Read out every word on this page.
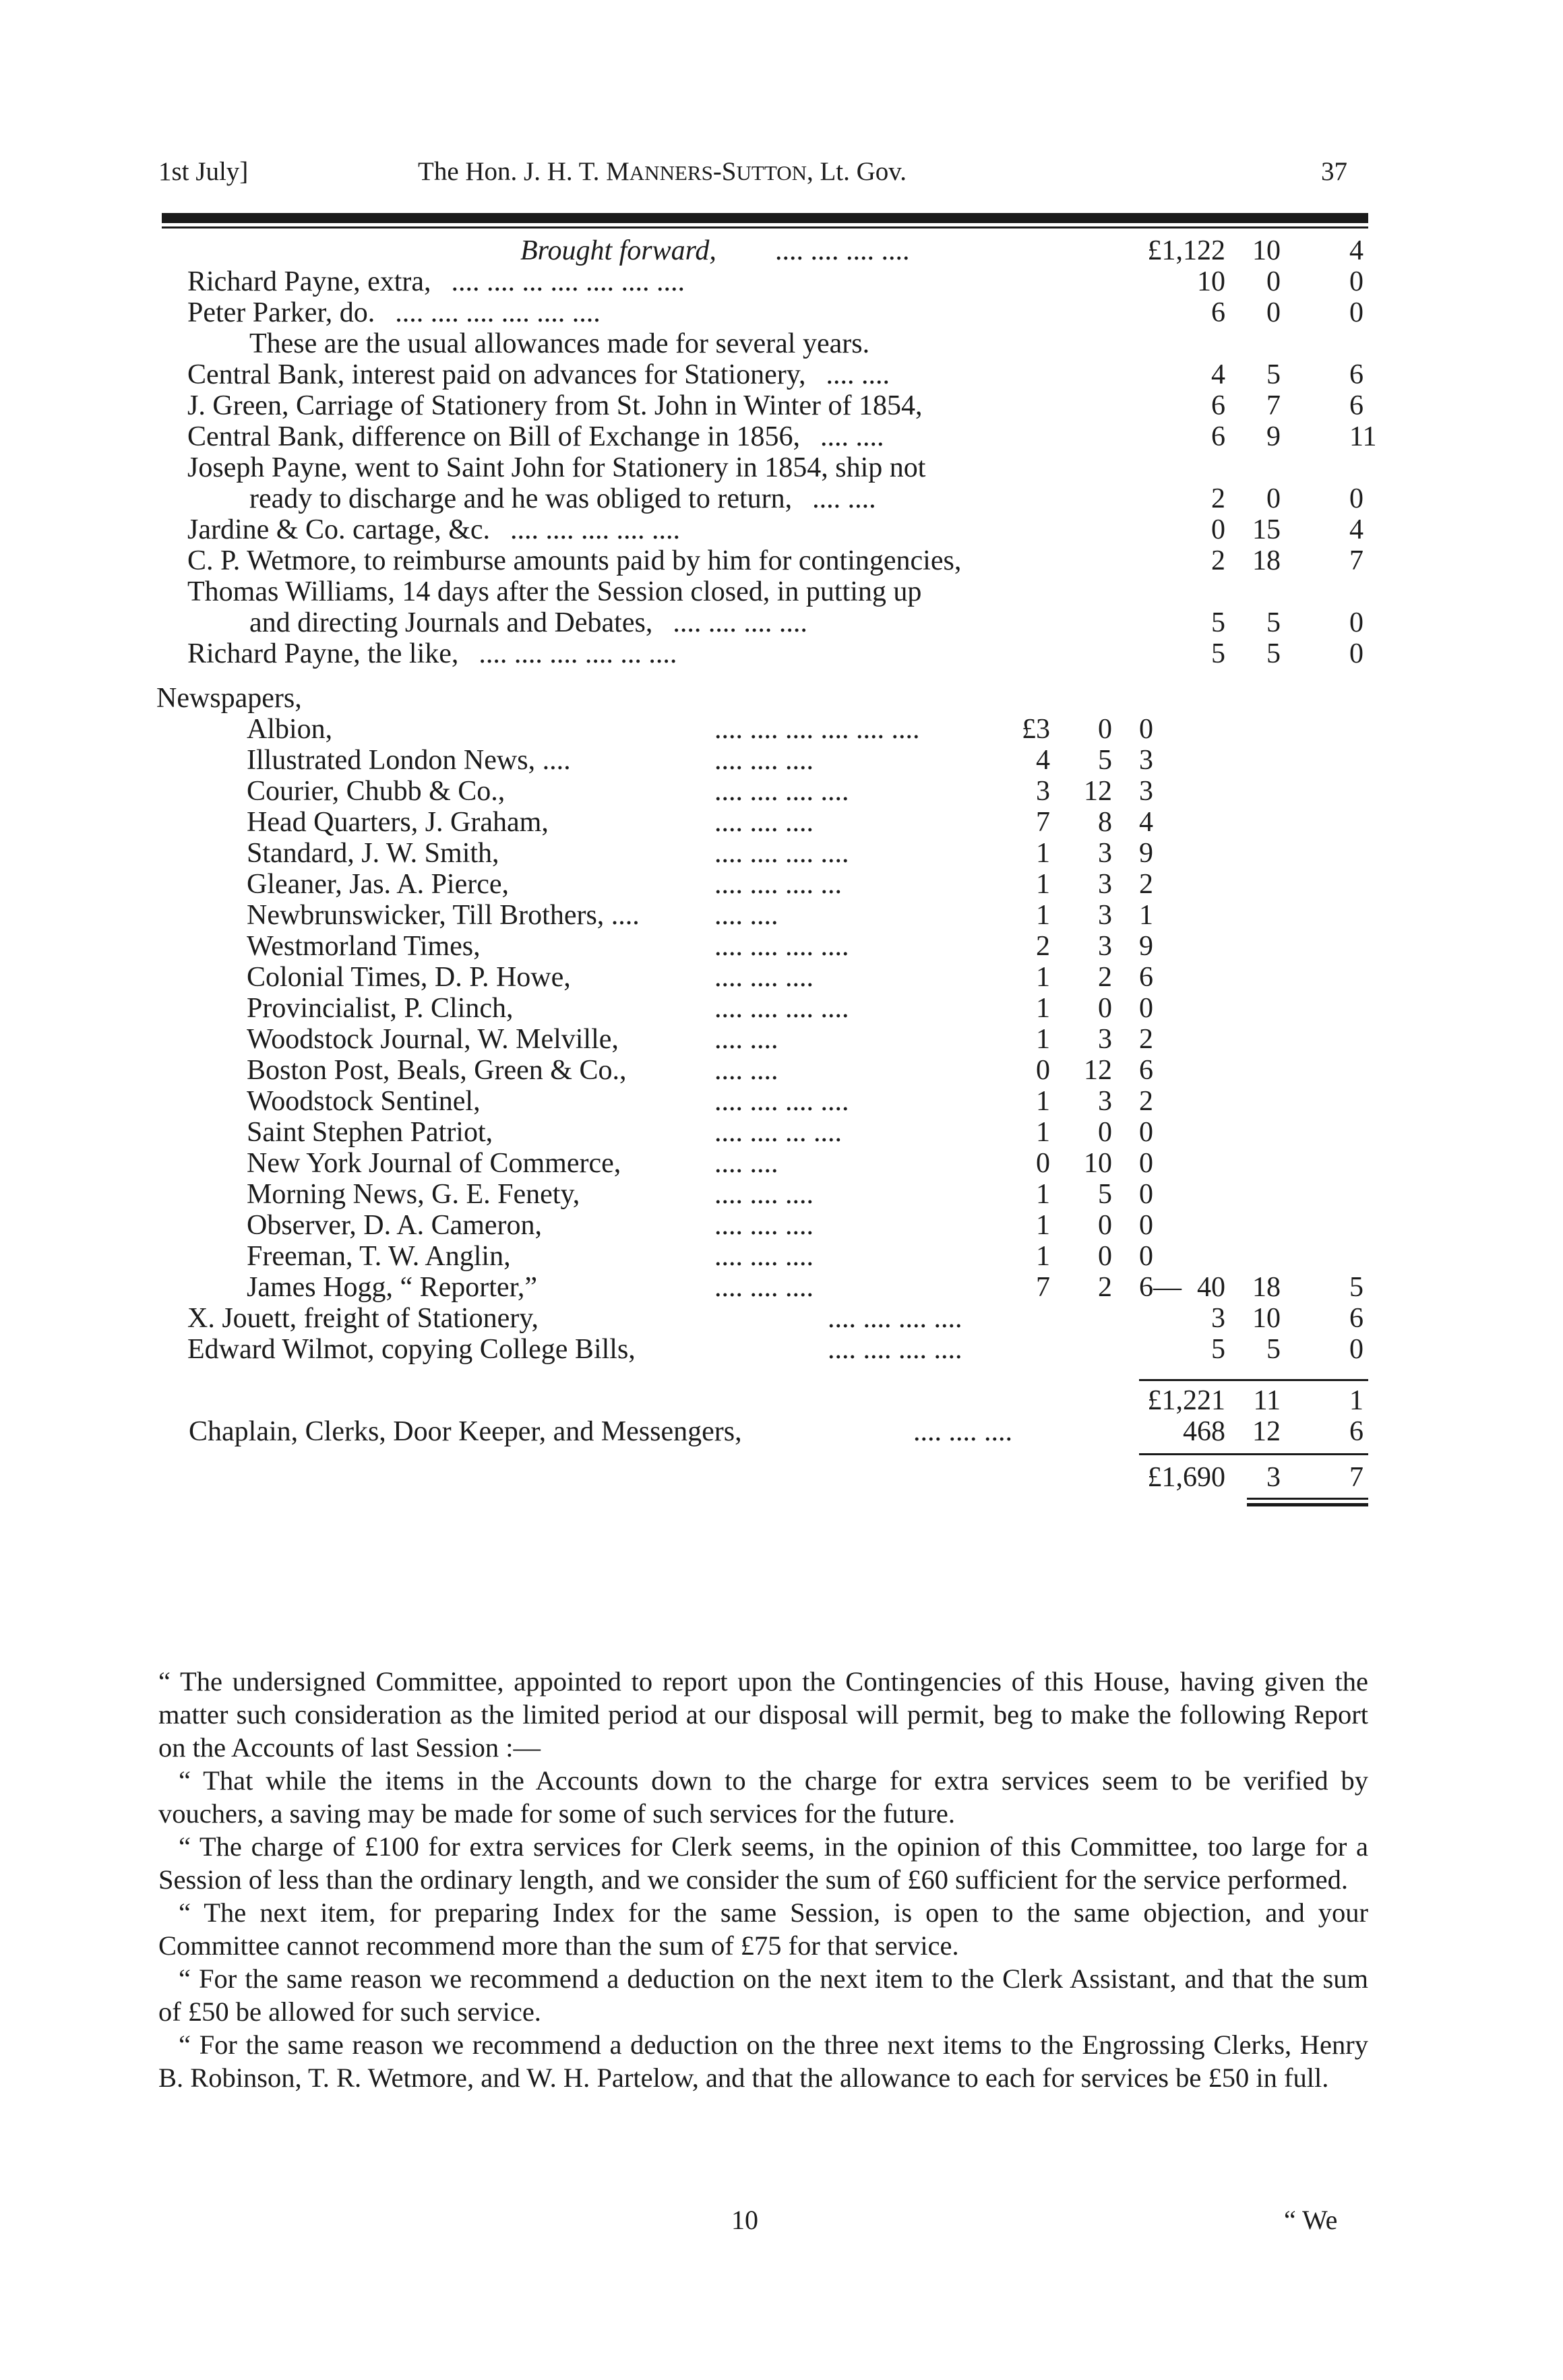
1st July]	The Hon. J. H. T. MANNERS-SUTTON, Lt. Gov.	37
Brought forward, .... .... .... ....	£1,122 10 4
Richard Payne, extra, .... .... ... .... .... .... ....	10 0 0
Peter Parker, do. .... .... .... .... .... ....	6 0 0
These are the usual allowances made for several years.
Central Bank, interest paid on advances for Stationery, .... ....	4 5 6
J. Green, Carriage of Stationery from St. John in Winter of 1854,	6 7 6
Central Bank, difference on Bill of Exchange in 1856, .... ....	6 9 11
Joseph Payne, went to Saint John for Stationery in 1854, ship not
ready to discharge and he was obliged to return, .... ....	2 0 0
Jardine & Co. cartage, &c. .... .... .... .... ....	0 15 4
C. P. Wetmore, to reimburse amounts paid by him for contingencies,	2 18 7
Thomas Williams, 14 days after the Session closed, in putting up
and directing Journals and Debates, .... .... .... ....	5 5 0
Richard Payne, the like, .... .... .... .... ... ....	5 5 0
Newspapers,
Albion,	.... .... .... .... .... ....	£3 0 0
Illustrated London News, ....	.... .... ....	4 5 3
Courier, Chubb & Co.,	.... .... .... ....	3 12 3
Head Quarters, J. Graham,	.... .... ....	7 8 4
Standard, J. W. Smith,	.... .... .... ....	1 3 9
Gleaner, Jas. A. Pierce,	.... .... .... ...	1 3 2
Newbrunswicker, Till Brothers, ....	.... ....	1 3 1
Westmorland Times,	.... .... .... ....	2 3 9
Colonial Times, D. P. Howe,	.... .... ....	1 2 6
Provincialist, P. Clinch,	.... .... .... ....	1 0 0
Woodstock Journal, W. Melville,	.... ....	1 3 2
Boston Post, Beals, Green & Co.,	.... ....	0 12 6
Woodstock Sentinel,	.... .... .... ....	1 3 2
Saint Stephen Patriot,	.... .... ... ....	1 0 0
New York Journal of Commerce,	.... ....	0 10 0
Morning News, G. E. Fenety,	.... .... ....	1 5 0
Observer, D. A. Cameron,	.... .... ....	1 0 0
Freeman, T. W. Anglin,	.... .... ....	1 0 0
James Hogg, “ Reporter,”	.... .... ....	7 2 6— 40 18 5
X. Jouett, freight of Stationery,	.... .... .... ....	3 10 6
Edward Wilmot, copying College Bills,	.... .... .... ....	5 5 0
£1,221 11 1
Chaplain, Clerks, Door Keeper, and Messengers,	.... .... ....	468 12 6
£1,690 3 7

“ The undersigned Committee, appointed to report upon the Contingencies of this House, having given the matter such consideration as the limited period at our disposal will permit, beg to make the following Report on the Accounts of last Session :—

“ That while the items in the Accounts down to the charge for extra services seem to be verified by vouchers, a saving may be made for some of such services for the future.

“ The charge of £100 for extra services for Clerk seems, in the opinion of this Committee, too large for a Session of less than the ordinary length, and we consider the sum of £60 sufficient for the service performed.

“ The next item, for preparing Index for the same Session, is open to the same objection, and your Committee cannot recommend more than the sum of £75 for that service.

“ For the same reason we recommend a deduction on the next item to the Clerk Assistant, and that the sum of £50 be allowed for such service.

“ For the same reason we recommend a deduction on the three next items to the Engrossing Clerks, Henry B. Robinson, T. R. Wetmore, and W. H. Partelow, and that the allowance to each for services be £50 in full.

10	“ We
